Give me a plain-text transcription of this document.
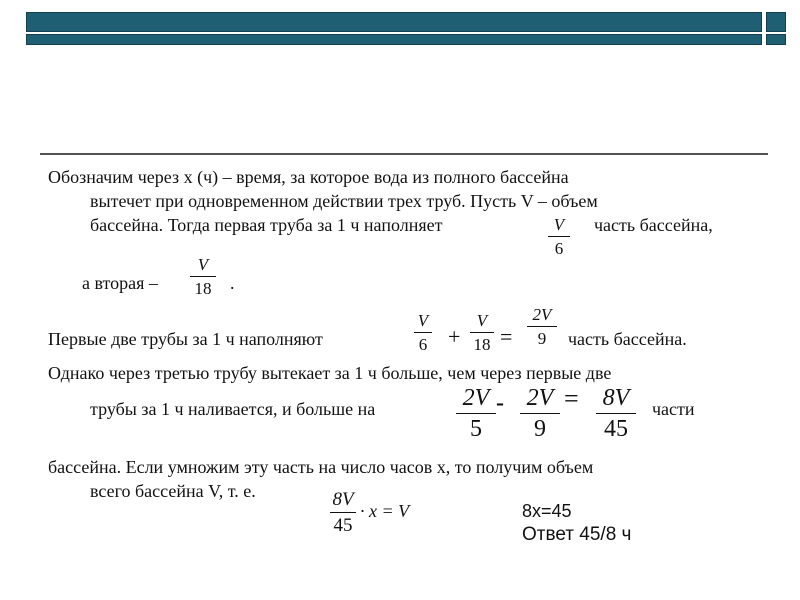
Обозначим через х (ч) – время, за которое вода из полного бассейна
вытечет при одновременном действии трех труб. Пусть V – объем
бассейна. Тогда первая труба за 1 ч наполняет	V
6
часть бассейна,
а вторая –
V
18 .
Первые две трубы за 1 ч наполняют
V
6 +
V
18 =
2V
9	часть бассейна.
Однако через третью трубу вытекает за 1 ч больше, чем через первые две
трубы за 1 ч наливается, и больше на	2V
5
- 2V
9
= 8V
45
части
бассейна. Если умножим эту часть на число часов х, то получим объем
всего бассейна V, т. е.	8V
45
· x = V	8x=45
Ответ 45/8 ч
